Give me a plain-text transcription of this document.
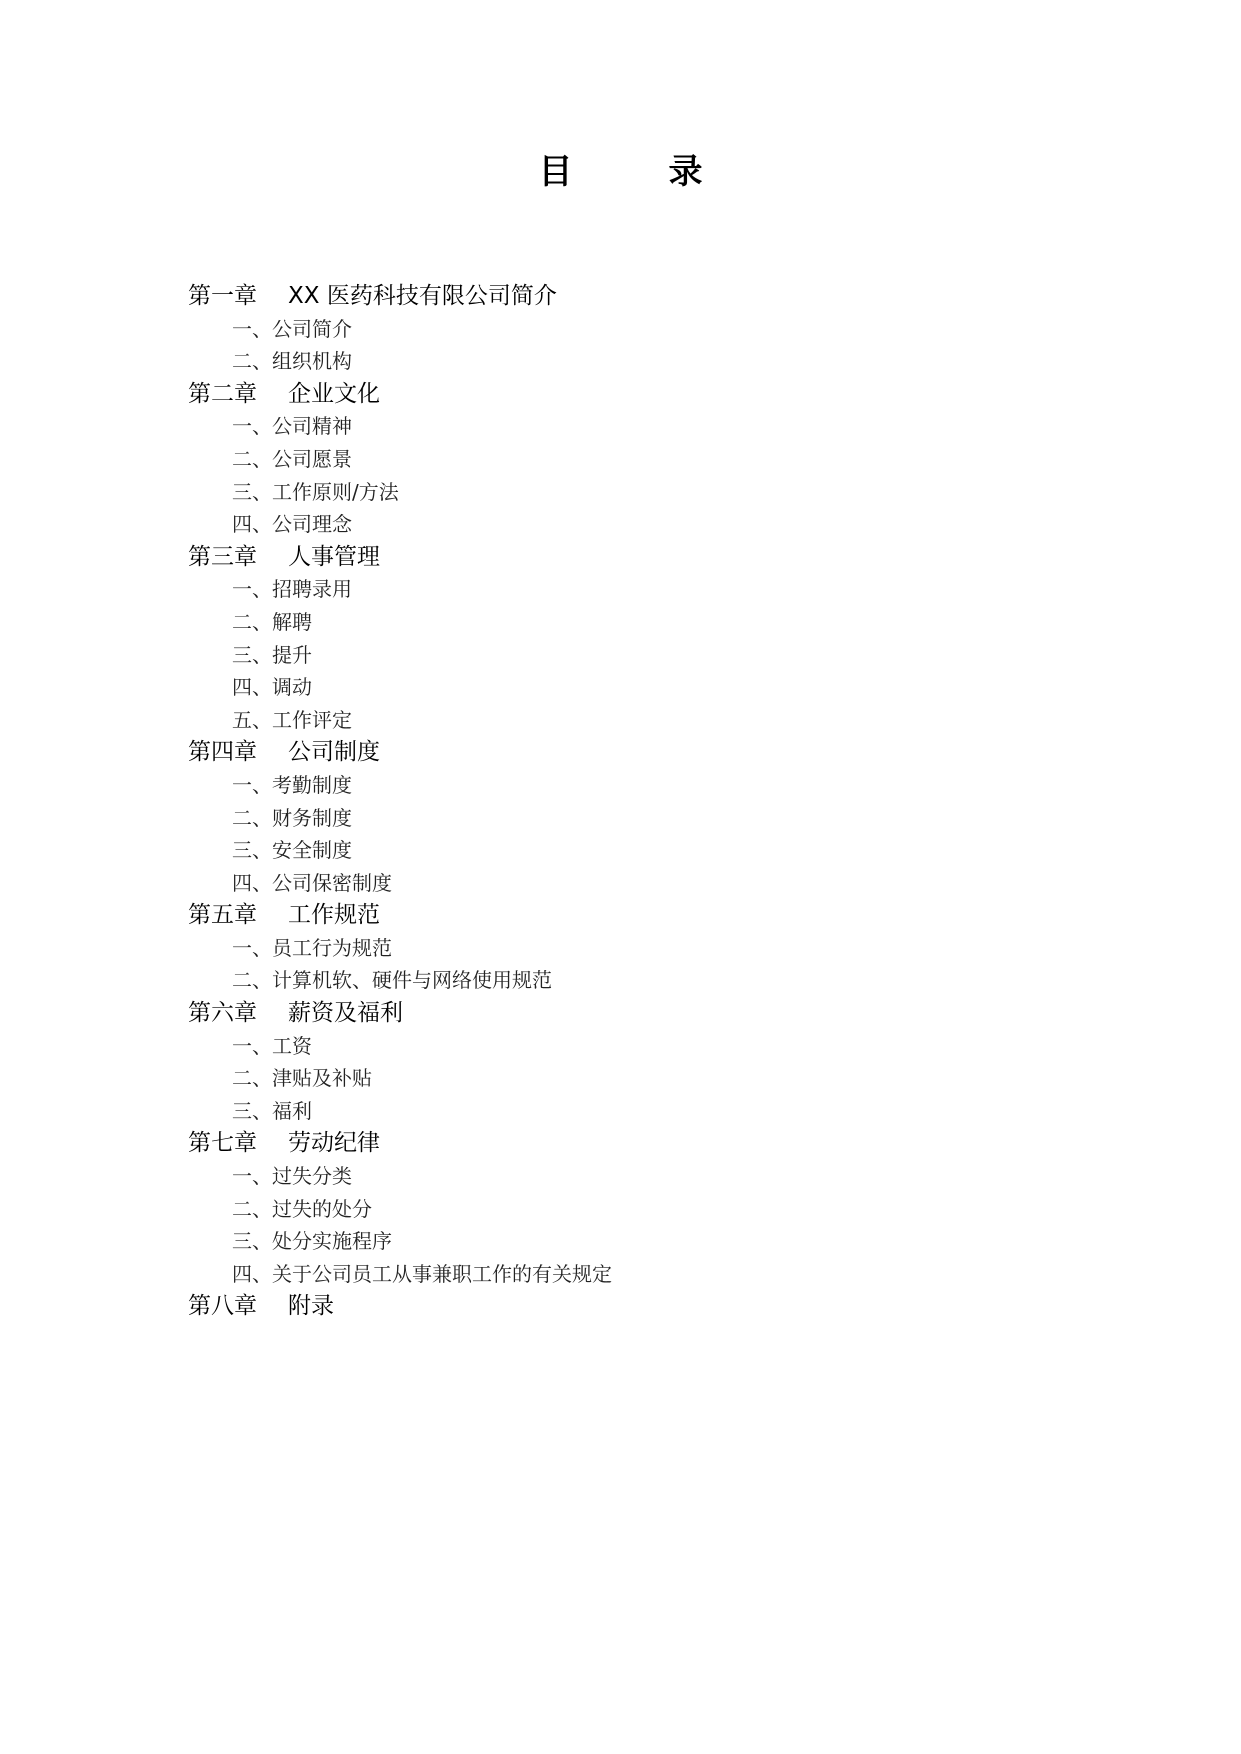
目	录
第一章 XX 医药科技有限公司简介
一、公司简介
二、组织机构
第二章 企业文化
一、公司精神
二、公司愿景
三、工作原则/方法
四、公司理念
第三章 人事管理
一、招聘录用
二、解聘
三、提升
四、调动
五、工作评定
第四章 公司制度
一、考勤制度
二、财务制度
三、安全制度
四、公司保密制度
第五章 工作规范
一、员工行为规范
二、计算机软、硬件与网络使用规范
第六章 薪资及福利
一、工资
二、津贴及补贴
三、福利
第七章 劳动纪律
一、过失分类
二、过失的处分
三、处分实施程序
四、关于公司员工从事兼职工作的有关规定
第八章 附录
